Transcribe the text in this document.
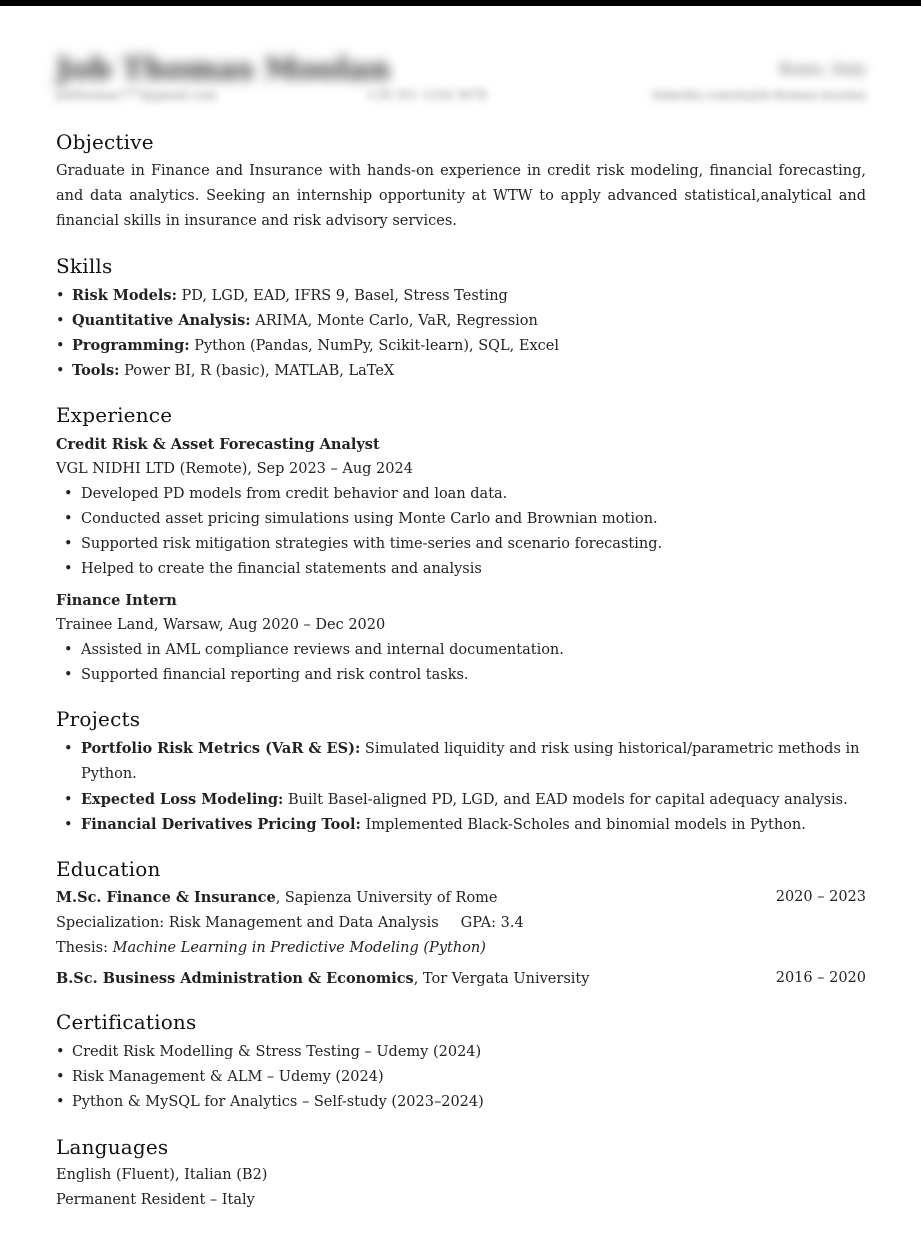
Job Thomas Moolan	Rome, Italy
jobthomas777@gmail.com	+39 351 1234 5678	linkedin.com/in/job-thomas-moolan
Objective
Graduate in Finance and Insurance with hands-on experience in credit risk modeling, financial forecasting, and data analytics. Seeking an internship opportunity at WTW to apply advanced statistical,analytical and financial skills in insurance and risk advisory services.
Skills
• Risk Models: PD, LGD, EAD, IFRS 9, Basel, Stress Testing
• Quantitative Analysis: ARIMA, Monte Carlo, VaR, Regression
• Programming: Python (Pandas, NumPy, Scikit-learn), SQL, Excel
• Tools: Power BI, R (basic), MATLAB, LaTeX
Experience
Credit Risk & Asset Forecasting Analyst
VGL NIDHI LTD (Remote), Sep 2023 – Aug 2024
• Developed PD models from credit behavior and loan data.
• Conducted asset pricing simulations using Monte Carlo and Brownian motion.
• Supported risk mitigation strategies with time-series and scenario forecasting.
• Helped to create the financial statements and analysis
Finance Intern
Trainee Land, Warsaw, Aug 2020 – Dec 2020
• Assisted in AML compliance reviews and internal documentation.
• Supported financial reporting and risk control tasks.
Projects
• Portfolio Risk Metrics (VaR & ES): Simulated liquidity and risk using historical/parametric methods in Python.
• Expected Loss Modeling: Built Basel-aligned PD, LGD, and EAD models for capital adequacy analysis.
• Financial Derivatives Pricing Tool: Implemented Black-Scholes and binomial models in Python.
Education
M.Sc. Finance & Insurance, Sapienza University of Rome	2020 – 2023
Specialization: Risk Management and Data Analysis GPA: 3.4
Thesis: Machine Learning in Predictive Modeling (Python)
B.Sc. Business Administration & Economics, Tor Vergata University	2016 – 2020
Certifications
• Credit Risk Modelling & Stress Testing – Udemy (2024)
• Risk Management & ALM – Udemy (2024)
• Python & MySQL for Analytics – Self-study (2023–2024)
Languages
English (Fluent), Italian (B2)
Permanent Resident – Italy
